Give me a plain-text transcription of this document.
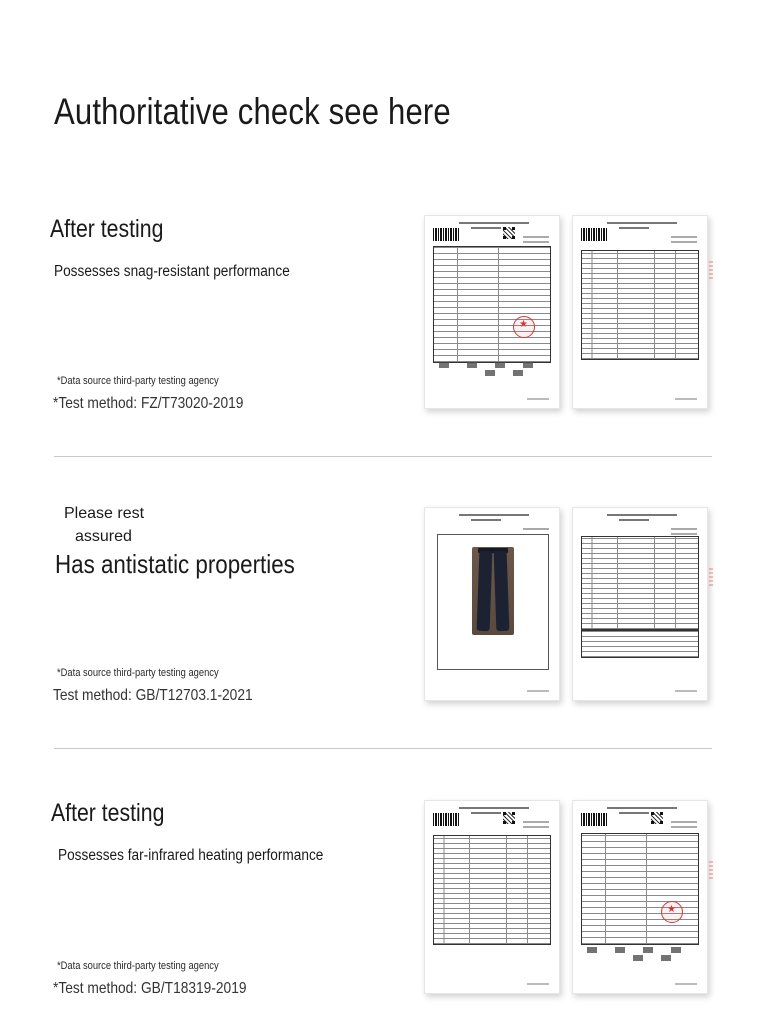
Authoritative check see here
After testing
Possesses snag-resistant performance
*Data source third-party testing agency
*Test method: FZ/T73020-2019
★
Please rest
assured
Has antistatic properties
*Data source third-party testing agency
Test method: GB/T12703.1-2021
After testing
Possesses far-infrared heating performance
*Data source third-party testing agency
*Test method: GB/T18319-2019
★
